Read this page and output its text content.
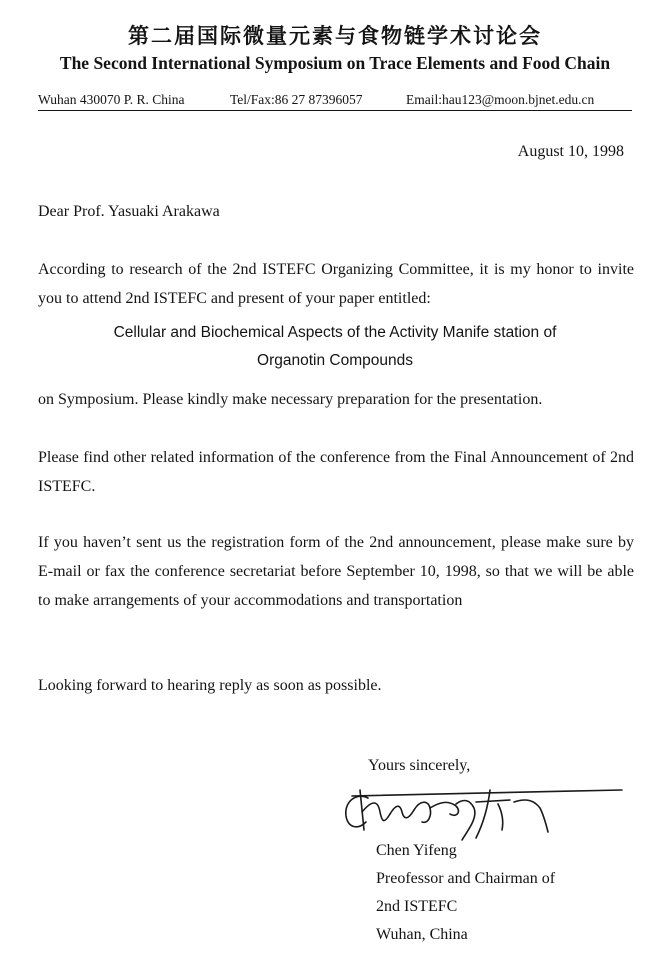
第二届国际微量元素与食物链学术讨论会
The Second International Symposium on Trace Elements and Food Chain
Wuhan 430070 P. R. China	Tel/Fax:86 27 87396057	Email:hau123@moon.bjnet.edu.cn
August 10, 1998
Dear Prof. Yasuaki Arakawa
According to research of the 2nd ISTEFC Organizing Committee, it is my honor to invite you to attend 2nd ISTEFC and present of your paper entitled:
Cellular and Biochemical Aspects of the Activity Manife station of
Organotin Compounds
on Symposium. Please kindly make necessary preparation for the presentation.
Please find other related information of the conference from the Final Announcement of 2nd ISTEFC.
If you haven’t sent us the registration form of the 2nd announcement, please make sure by E-mail or fax the conference secretariat before September 10, 1998, so that we will be able to make arrangements of your accommodations and transportation
Looking forward to hearing reply as soon as possible.
Yours sincerely,
Chen Yifeng
Preofessor and Chairman of
2nd ISTEFC
Wuhan, China
